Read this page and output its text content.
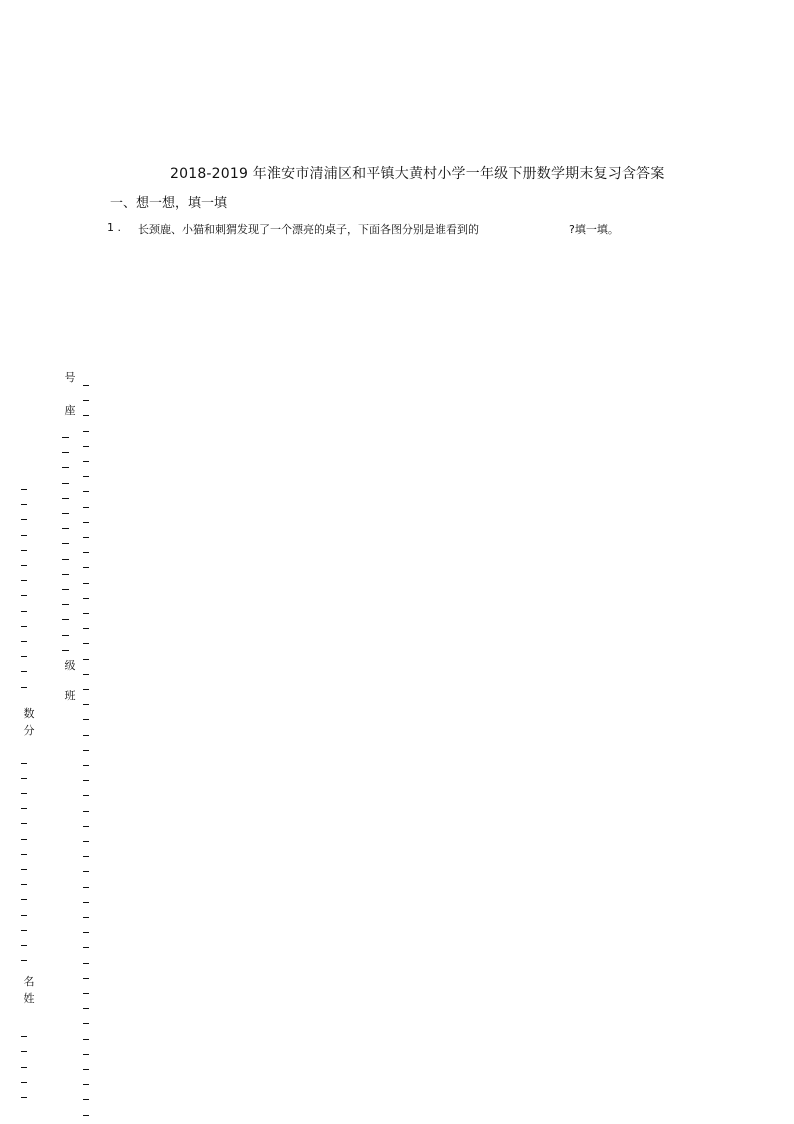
2018-2019 年淮安市清浦区和平镇大黄村小学一年级下册数学期末复习含答案
一、想一想，填一填
1 . 长颈鹿、小猫和刺猬发现了一个漂亮的桌子，下面各图分别是谁看到的	?填一填。
号
座
级
班
数
分
名
姓
